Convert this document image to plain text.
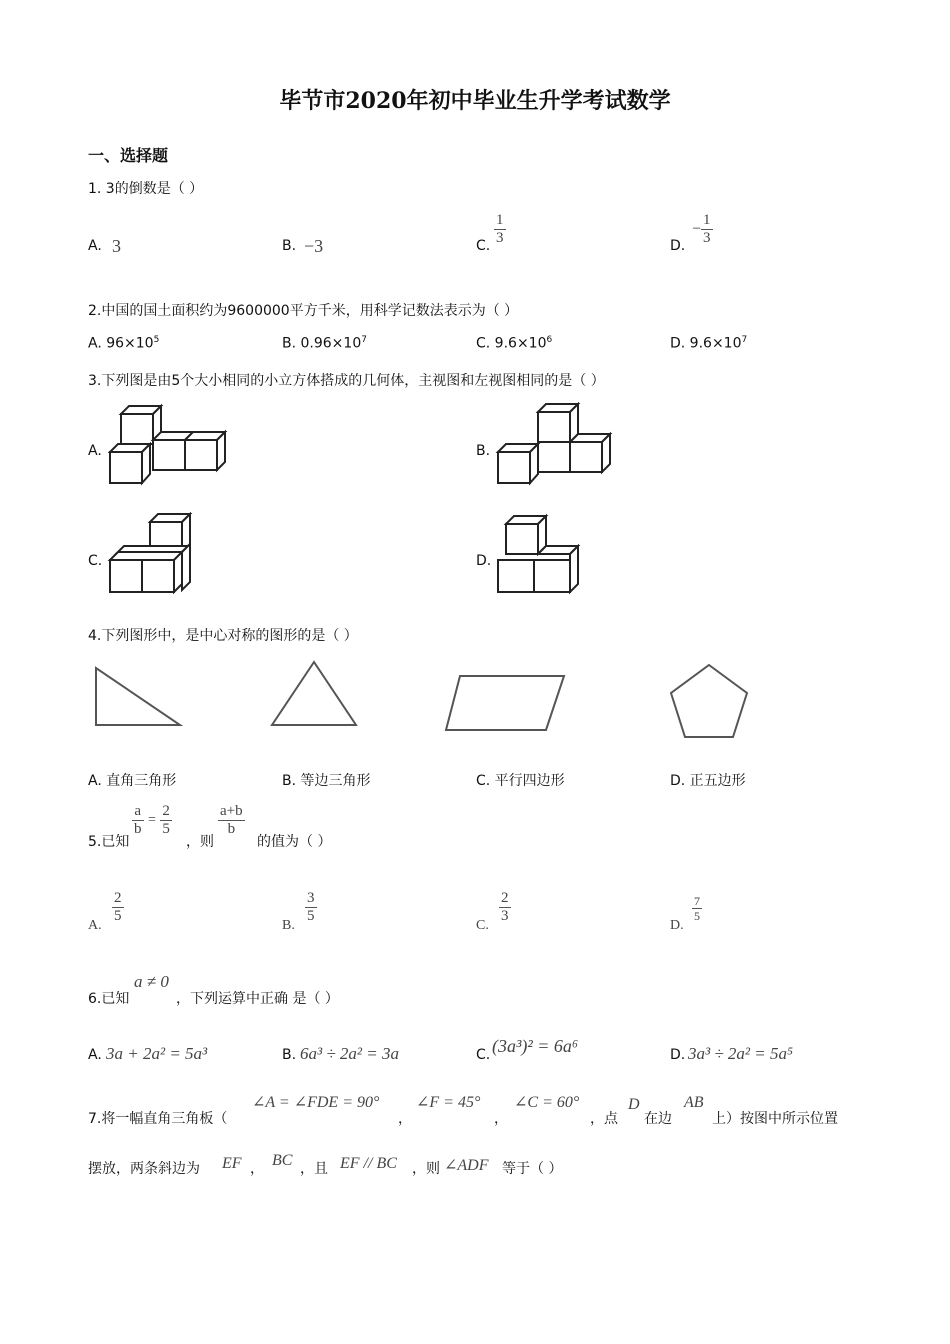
毕节市2020年初中毕业生升学考试数学
一、选择题
1. 3的倒数是（ ）
A. 3	B. −3	C. $\frac{1}{3}$	D.
− $\frac{1}{3}$
2.中国的国土面积约为9600000平方千米，用科学记数法表示为（ ）
A. $96\times 10^5$	B. $0.96\times 10^7$	C. $9.6\times 10^6$	D. $9.6\times 10^7$
3.下列图是由5个大小相同的小立方体搭成的几何体，主视图和左视图相同的是（ ）
A.	B.
C.	D.
4.下列图形中，是中心对称的图形的是（ ）
A. 直角三角形	B. 等边三角形	C. 平行四边形	D. 正五边形
5.已知
$\frac{a}{b} = \frac{2}{5}$
，则
$\frac{a+b}{b}$
的值为（ ）
A.
$\frac{2}{5}$
B.
$\frac{3}{5}$
C.
$\frac{2}{3}$
D.
$\frac{7}{5}$
6.已知
a ≠ 0
，下列运算中正确 是（ ）
A. 3a + 2a² = 5a³	B. 6a³ ÷ 2a² = 3a	C. (3a³)² = 6a⁶	D. 3a³ ÷ 2a² = 5a⁵
7.将一幅直角三角板（
∠A = ∠FDE = 90°
，
∠F = 45°
，
∠C = 60°
，点
D
在边
AB
上）按图中所示位置
摆放，两条斜边为 EF ， BC ，且 EF // BC ，则 ∠ADF 等于（ ）
